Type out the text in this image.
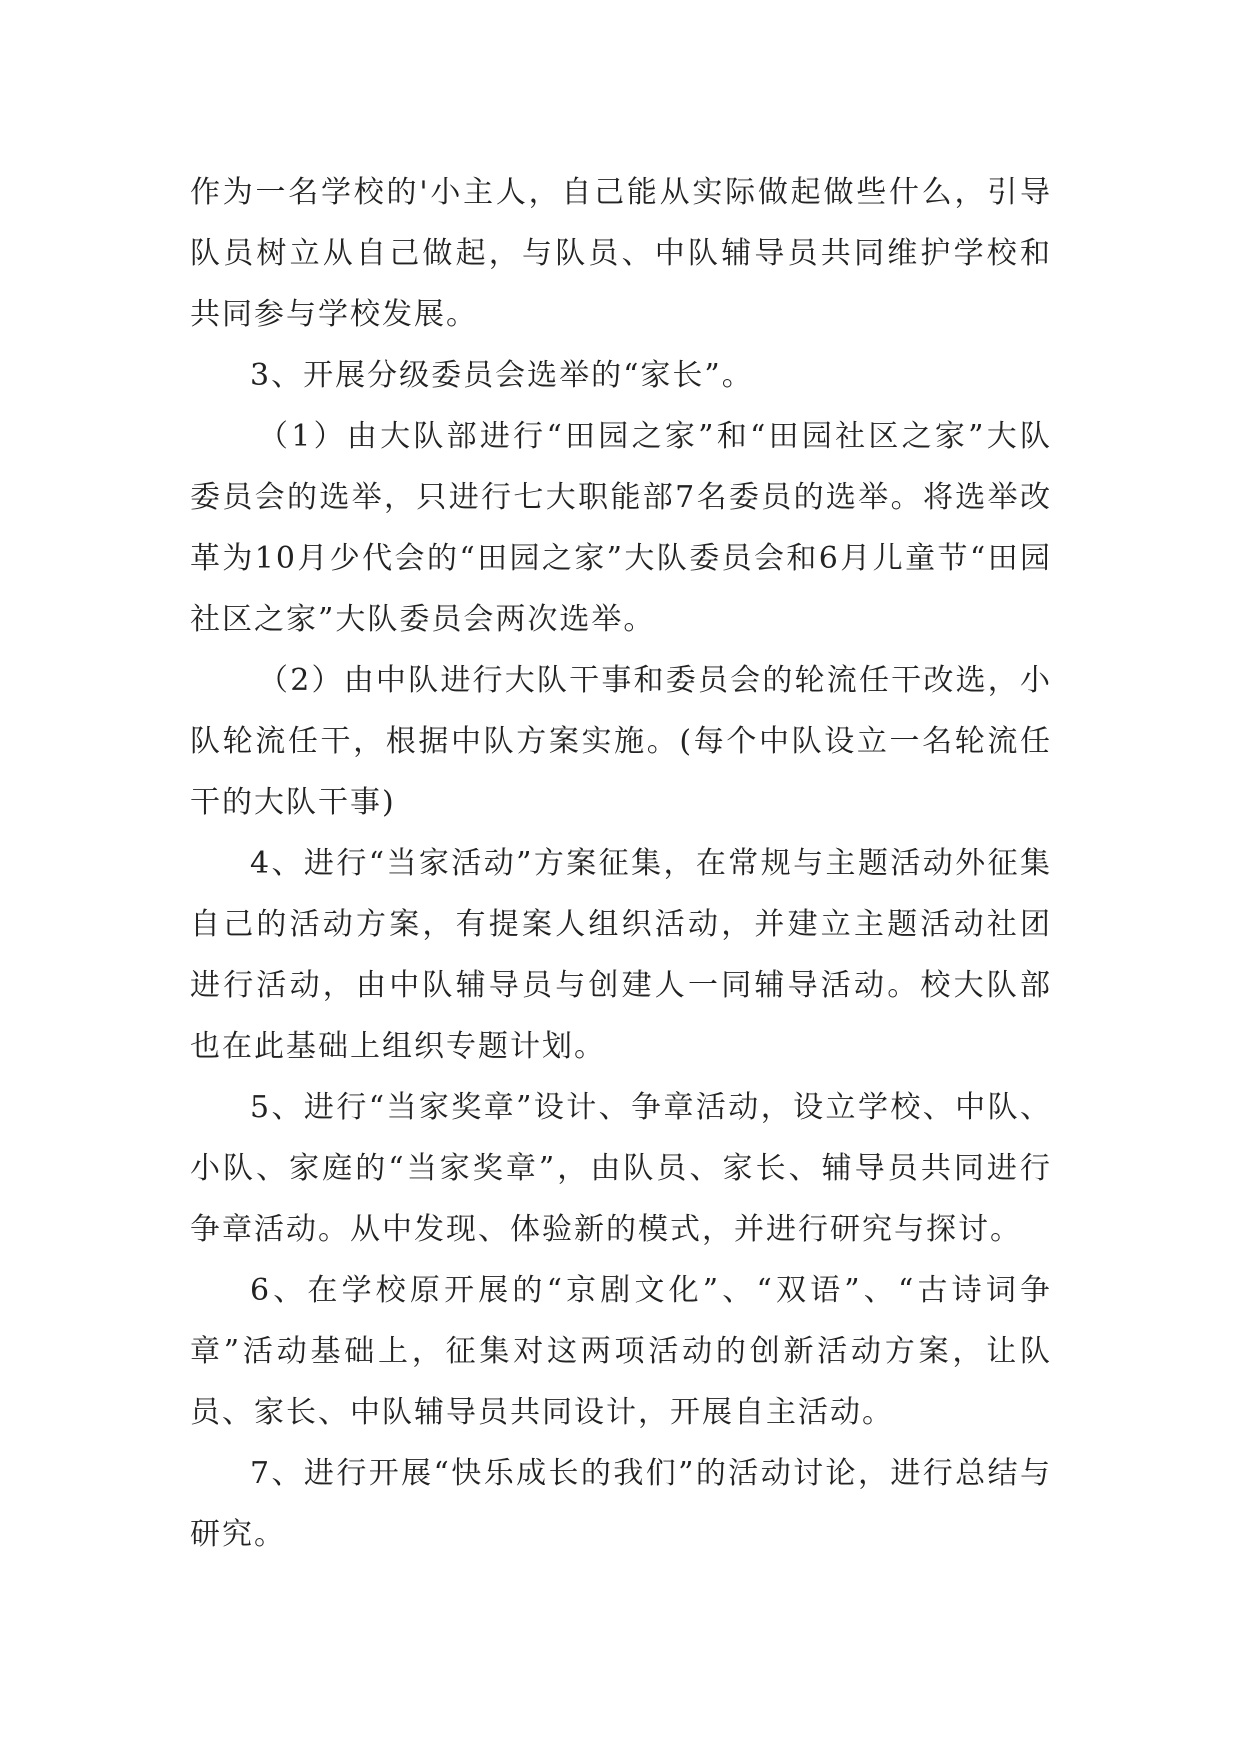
作为一名学校的'小主人，自己能从实际做起做些什么，引导队员树立从自己做起，与队员、中队辅导员共同维护学校和共同参与学校发展。

3、开展分级委员会选举的“家长”。

（1）由大队部进行“田园之家”和“田园社区之家”大队委员会的选举，只进行七大职能部7名委员的选举。将选举改革为10月少代会的“田园之家”大队委员会和6月儿童节“田园社区之家”大队委员会两次选举。

（2）由中队进行大队干事和委员会的轮流任干改选，小队轮流任干，根据中队方案实施。(每个中队设立一名轮流任干的大队干事)

4、进行“当家活动”方案征集，在常规与主题活动外征集自己的活动方案，有提案人组织活动，并建立主题活动社团进行活动，由中队辅导员与创建人一同辅导活动。校大队部也在此基础上组织专题计划。

5、进行“当家奖章”设计、争章活动，设立学校、中队、小队、家庭的“当家奖章”，由队员、家长、辅导员共同进行争章活动。从中发现、体验新的模式，并进行研究与探讨。

6、在学校原开展的“京剧文化”、“双语”、“古诗词争章”活动基础上，征集对这两项活动的创新活动方案，让队员、家长、中队辅导员共同设计，开展自主活动。

7、进行开展“快乐成长的我们”的活动讨论，进行总结与研究。
